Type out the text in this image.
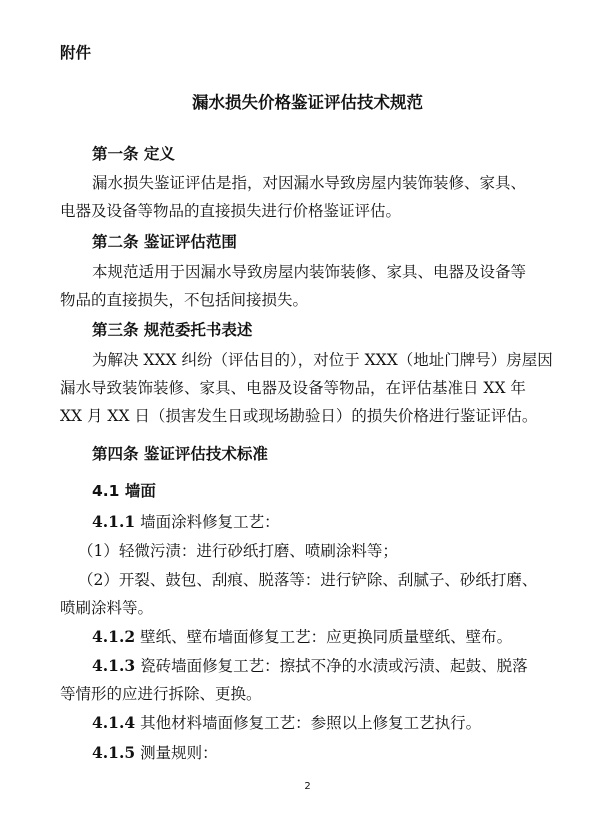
附件
漏水损失价格鉴证评估技术规范
第一条 定义
漏水损失鉴证评估是指，对因漏水导致房屋内装饰装修、家具、
电器及设备等物品的直接损失进行价格鉴证评估。
第二条 鉴证评估范围
本规范适用于因漏水导致房屋内装饰装修、家具、电器及设备等
物品的直接损失，不包括间接损失。
第三条 规范委托书表述
为解决 XXX 纠纷（评估目的），对位于 XXX（地址门牌号）房屋因
漏水导致装饰装修、家具、电器及设备等物品，在评估基准日 XX 年
XX 月 XX 日（损害发生日或现场勘验日）的损失价格进行鉴证评估。
第四条 鉴证评估技术标准
4.1 墙面
4.1.1 墙面涂料修复工艺：
（1）轻微污渍：进行砂纸打磨、喷刷涂料等；
（2）开裂、鼓包、刮痕、脱落等：进行铲除、刮腻子、砂纸打磨、
喷刷涂料等。
4.1.2 壁纸、壁布墙面修复工艺：应更换同质量壁纸、壁布。
4.1.3 瓷砖墙面修复工艺：擦拭不净的水渍或污渍、起鼓、脱落
等情形的应进行拆除、更换。
4.1.4 其他材料墙面修复工艺：参照以上修复工艺执行。
4.1.5 测量规则：
2
